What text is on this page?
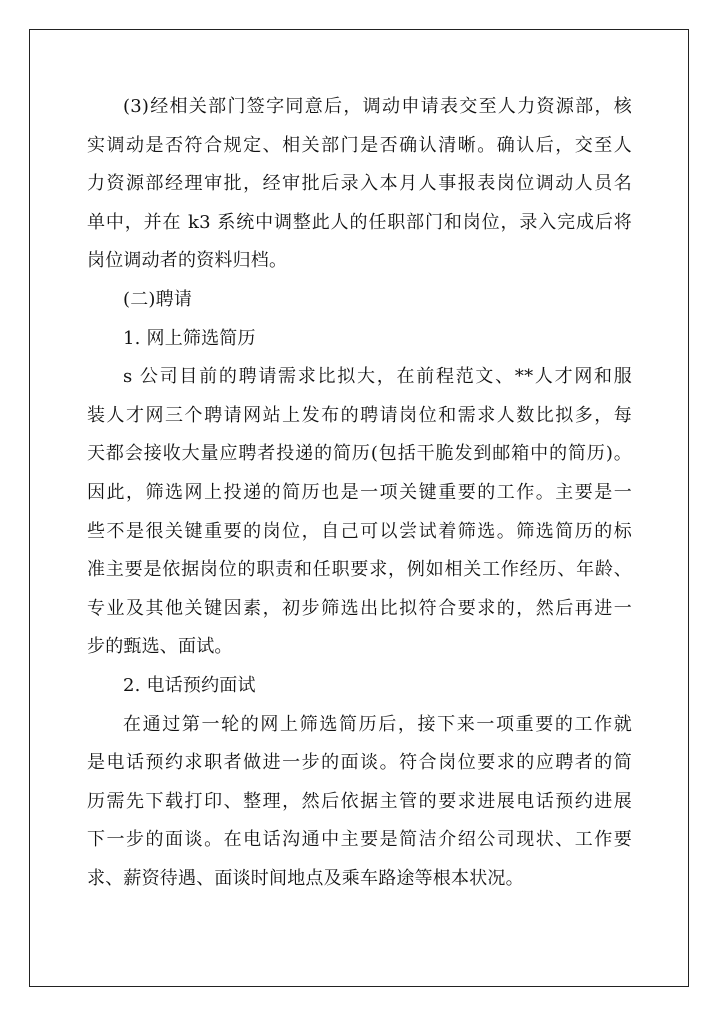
(3)经相关部门签字同意后，调动申请表交至人力资源部，核
实调动是否符合规定、相关部门是否确认清晰。确认后，交至人
力资源部经理审批，经审批后录入本月人事报表岗位调动人员名
单中，并在 k3 系统中调整此人的任职部门和岗位，录入完成后将
岗位调动者的资料归档。
(二)聘请
1. 网上筛选简历
s 公司目前的聘请需求比拟大，在前程范文、**人才网和服
装人才网三个聘请网站上发布的聘请岗位和需求人数比拟多，每
天都会接收大量应聘者投递的简历(包括干脆发到邮箱中的简历)。
因此，筛选网上投递的简历也是一项关键重要的工作。主要是一
些不是很关键重要的岗位，自己可以尝试着筛选。筛选简历的标
准主要是依据岗位的职责和任职要求，例如相关工作经历、年龄、
专业及其他关键因素，初步筛选出比拟符合要求的，然后再进一
步的甄选、面试。
2. 电话预约面试
在通过第一轮的网上筛选简历后，接下来一项重要的工作就
是电话预约求职者做进一步的面谈。符合岗位要求的应聘者的简
历需先下载打印、整理，然后依据主管的要求进展电话预约进展
下一步的面谈。在电话沟通中主要是简洁介绍公司现状、工作要
求、薪资待遇、面谈时间地点及乘车路途等根本状况。
